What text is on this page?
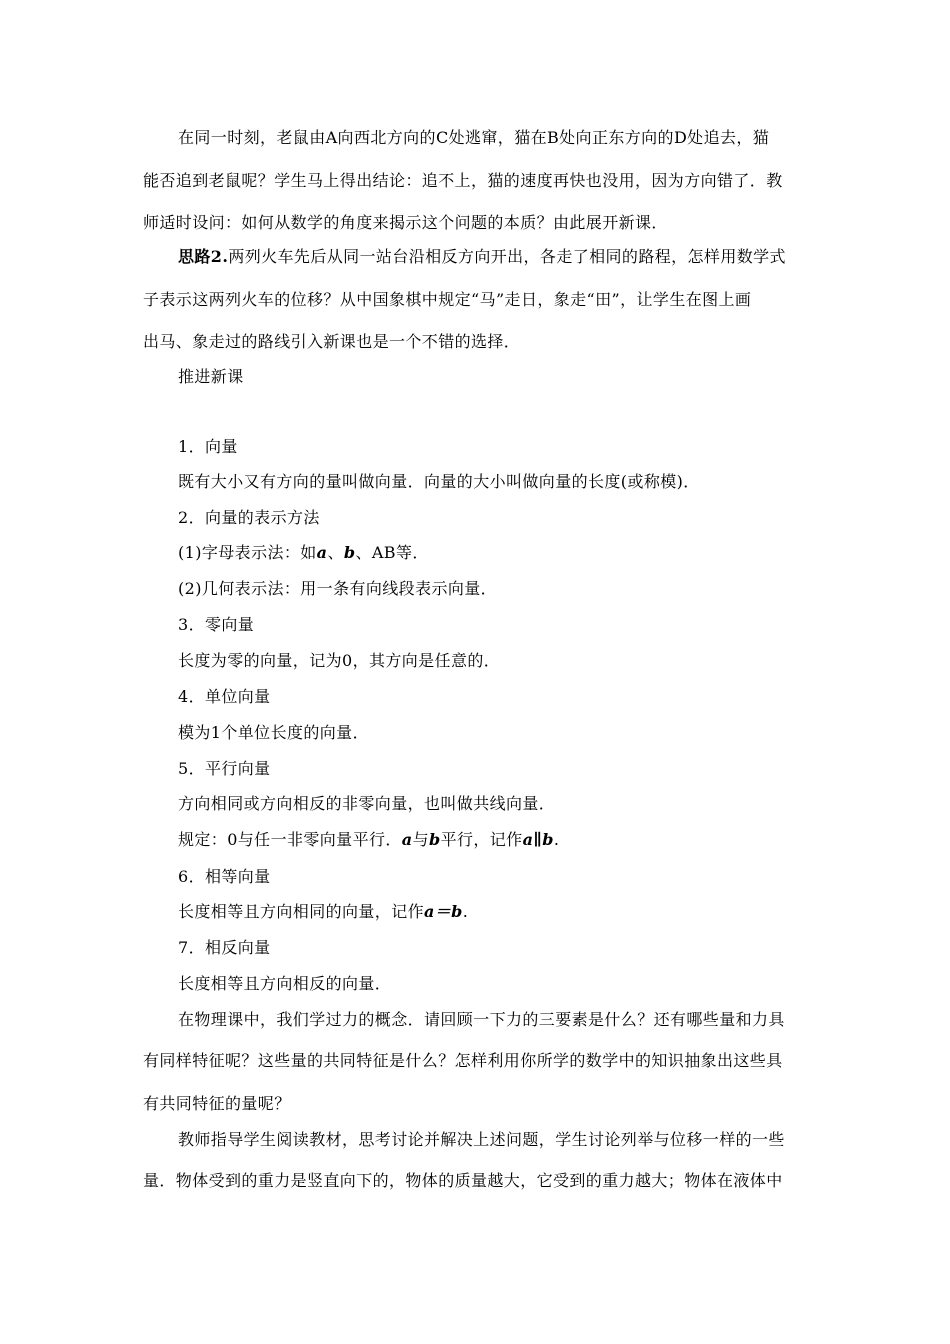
在同一时刻，老鼠由A向西北方向的C处逃窜，猫在B处向正东方向的D处追去，猫
能否追到老鼠呢？学生马上得出结论：追不上，猫的速度再快也没用，因为方向错了．教
师适时设问：如何从数学的角度来揭示这个问题的本质？由此展开新课．
思路2.两列火车先后从同一站台沿相反方向开出，各走了相同的路程，怎样用数学式
子表示这两列火车的位移？从中国象棋中规定“马”走日，象走“田”，让学生在图上画
出马、象走过的路线引入新课也是一个不错的选择．
推进新课
1．向量
既有大小又有方向的量叫做向量．向量的大小叫做向量的长度(或称模)．
2．向量的表示方法
(1)字母表示法：如a、b、AB等．
(2)几何表示法：用一条有向线段表示向量．
3．零向量
长度为零的向量，记为0，其方向是任意的．
4．单位向量
模为1个单位长度的向量．
5．平行向量
方向相同或方向相反的非零向量，也叫做共线向量．
规定：0与任一非零向量平行．a与b平行，记作a∥b.
6．相等向量
长度相等且方向相同的向量，记作a＝b.
7．相反向量
长度相等且方向相反的向量．
在物理课中，我们学过力的概念．请回顾一下力的三要素是什么？还有哪些量和力具
有同样特征呢？这些量的共同特征是什么？怎样利用你所学的数学中的知识抽象出这些具
有共同特征的量呢？
教师指导学生阅读教材，思考讨论并解决上述问题，学生讨论列举与位移一样的一些
量．物体受到的重力是竖直向下的，物体的质量越大，它受到的重力越大；物体在液体中
